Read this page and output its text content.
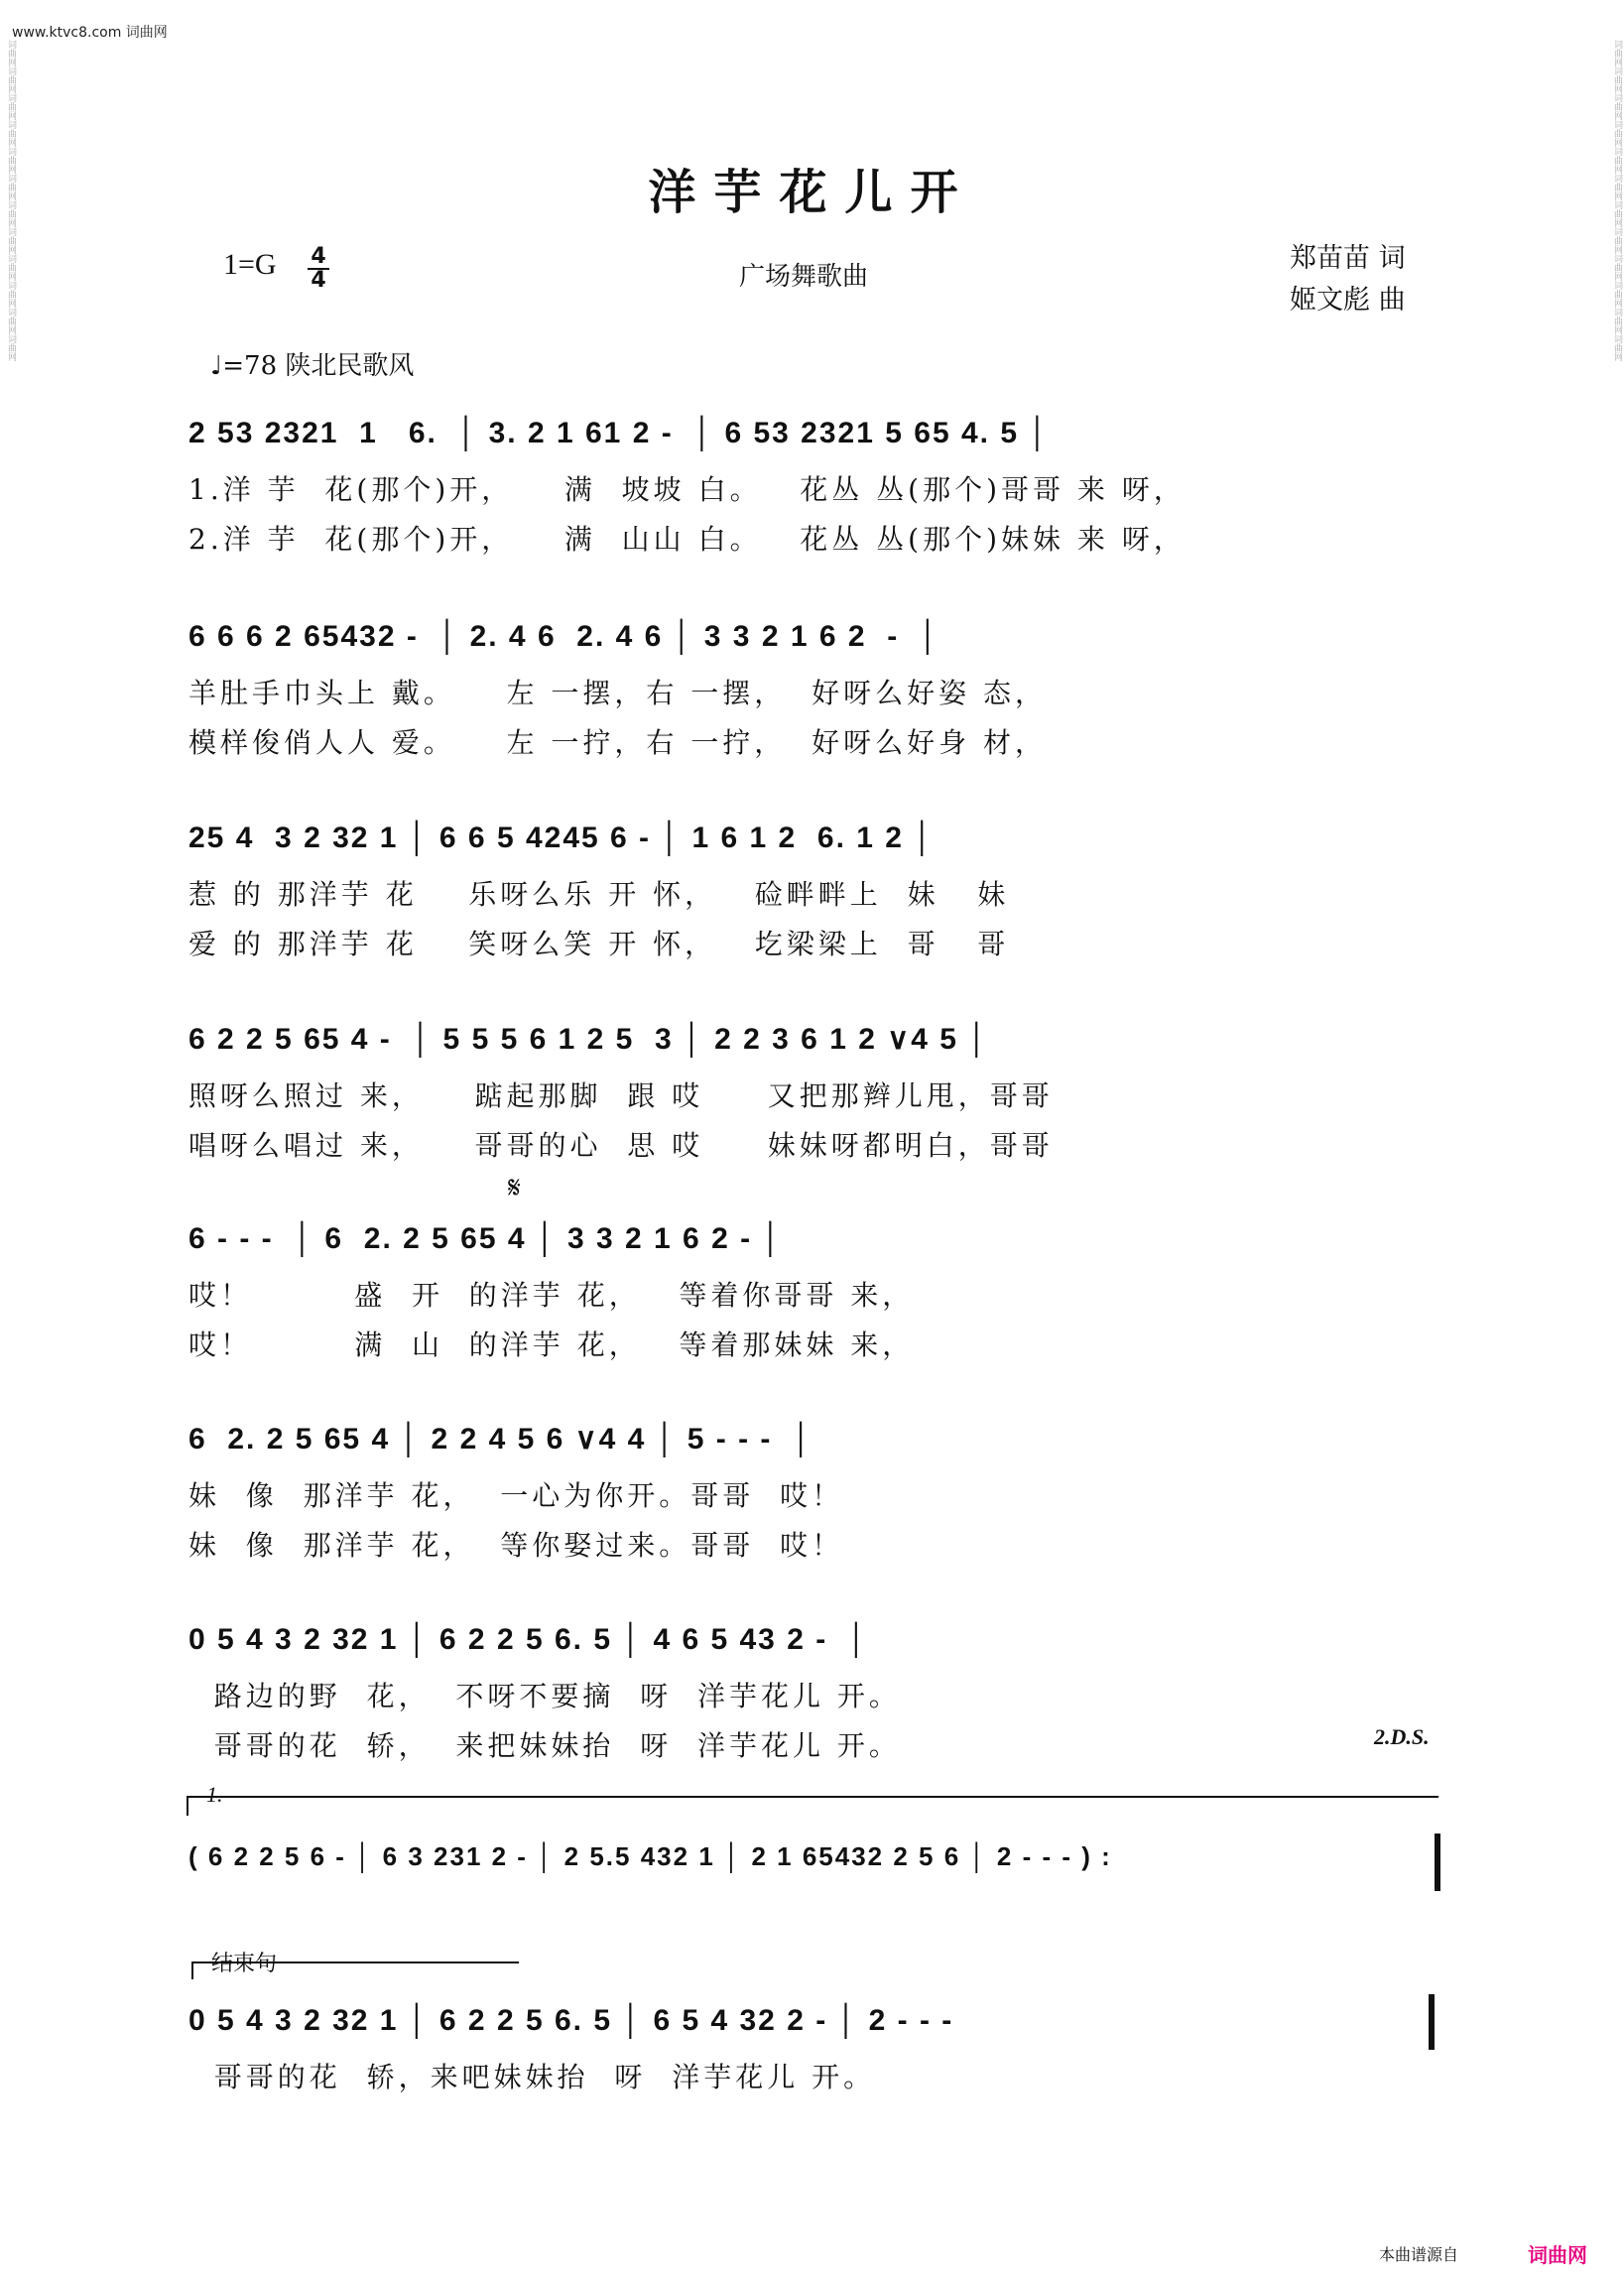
www.ktvc8.com 词曲网
词曲网词曲网词曲网词曲网词曲网词曲网词曲网词曲网词曲网词曲网词曲网词曲网	词曲网词曲网词曲网词曲网词曲网词曲网词曲网词曲网词曲网词曲网词曲网词曲网
洋芋花儿开
1=G 4
4	广场舞歌曲
郑苗苗 词
姬文彪 曲
♩=78 陕北民歌风
2 53 2321  1   6.  │ 3. 2 1 61 2 -  │ 6 53 2321 5 65 4. 5 │
1.洋 芋  花(那个)开，    满  坡坡 白。   花丛 丛(那个)哥哥 来 呀，
2.洋 芋  花(那个)开，    满  山山 白。   花丛 丛(那个)妹妹 来 呀，
6 6 6 2 65432 -  │ 2. 4 6  2. 4 6 │ 3 3 2 1 6 2  -  │
羊肚手巾头上 戴。    左 一摆，右 一摆，  好呀么好姿 态，
模样俊俏人人 爱。    左 一拧，右 一拧，  好呀么好身 材，
25 4  3 2 32 1 │ 6 6 5 4245 6 - │ 1 6 1 2  6. 1 2 │
惹 的 那洋芋 花    乐呀么乐 开 怀，   硷畔畔上  妹   妹
爱 的 那洋芋 花    笑呀么笑 开 怀，   圪梁梁上  哥   哥
6 2 2 5 65 4 -  │ 5 5 5 6 1 2 5  3 │ 2 2 3 6 1 2 ∨4 5 │
照呀么照过 来，    踮起那脚  跟 哎     又把那辫儿甩，哥哥
唱呀么唱过 来，    哥哥的心  思 哎     妹妹呀都明白，哥哥
𝄋
6 - - -  │ 6  2. 2 5 65 4 │ 3 3 2 1 6 2 - │
哎！        盛  开  的洋芋 花，   等着你哥哥 来，
哎！        满  山  的洋芋 花，   等着那妹妹 来，
6  2. 2 5 65 4 │ 2 2 4 5 6 ∨4 4 │ 5 - - -  │
妹  像  那洋芋 花，  一心为你开。哥哥  哎！
妹  像  那洋芋 花，  等你娶过来。哥哥  哎！
0 5 4 3 2 32 1 │ 6 2 2 5 6. 5 │ 4 6 5 43 2 -  │
路边的野  花，  不呀不要摘  呀  洋芋花儿 开。
哥哥的花  轿，  来把妹妹抬  呀  洋芋花儿 开。	2.D.S.
1.
( 6 2 2 5 6 - │ 6 3 231 2 - │ 2 5.5 432 1 │ 2 1 65432 2 5 6 │ 2 - - - ) :
结束句
0 5 4 3 2 32 1 │ 6 2 2 5 6. 5 │ 6 5 4 32 2 - │ 2 - - -
哥哥的花  轿，来吧妹妹抬  呀  洋芋花儿 开。
本曲谱源自	词曲网
